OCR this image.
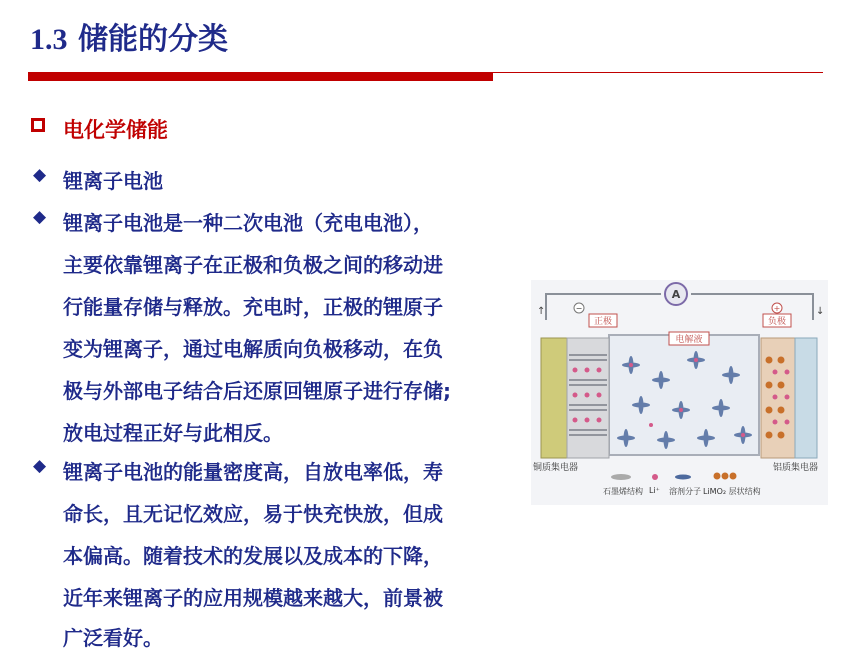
1.3 储能的分类
电化学储能
◆ 锂离子电池
◆ 锂离子电池是一种二次电池（充电电池），
主要依靠锂离子在正极和负极之间的移动进
行能量存储与释放。充电时，正极的锂原子
变为锂离子，通过电解质向负极移动，在负
极与外部电子结合后还原回锂原子进行存储;
放电过程正好与此相反。
◆ 锂离子电池的能量密度高，自放电率低，寿
命长，且无记忆效应，易于快充快放，但成
本偏高。随着技术的发展以及成本的下降，
近年来锂离子的应用规模越来越大，前景被
广泛看好。
A
↑	↓
正极	负极
电解液
−	+
铜质集电器	铝质集电器
石墨烯结构 Li⁺ 溶剂分子 LiMO₂ 层状结构
